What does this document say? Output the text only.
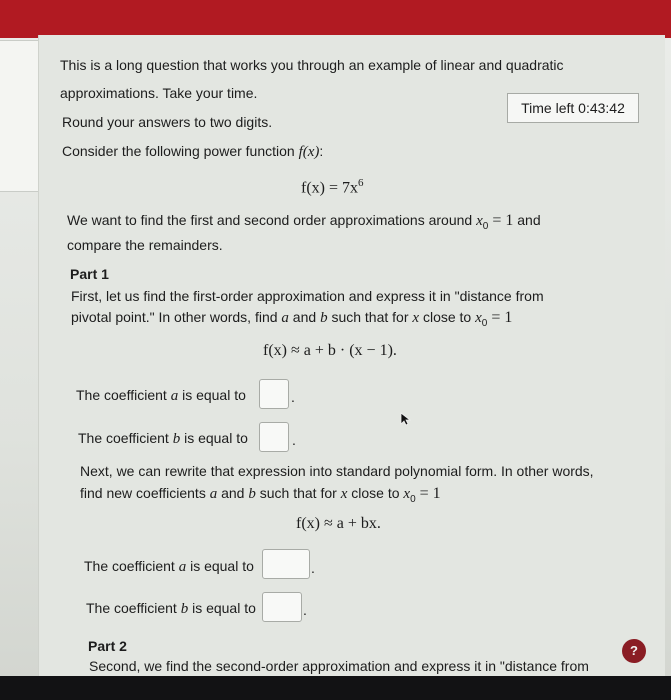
This is a long question that works you through an example of linear and quadratic
approximations. Take your time.
Time left 0:43:42
Round your answers to two digits.
Consider the following power function f(x):
$f(x) = 7x^6$
We want to find the first and second order approximations around $x_0 = 1$ and
compare the remainders.
Part 1
First, let us find the first-order approximation and express it in "distance from
pivotal point." In other words, find a and b such that for x close to $x_0 = 1$
f(x) ≈ a + b · (x − 1).
The coefficient a is equal to	.
The coefficient b is equal to	.
Next, we can rewrite that expression into standard polynomial form. In other words,
find new coefficients a and b such that for x close to $x_0 = 1$
f(x) ≈ a + bx.
The coefficient a is equal to	.
The coefficient b is equal to	.
Part 2	?
Second, we find the second-order approximation and express it in "distance from
